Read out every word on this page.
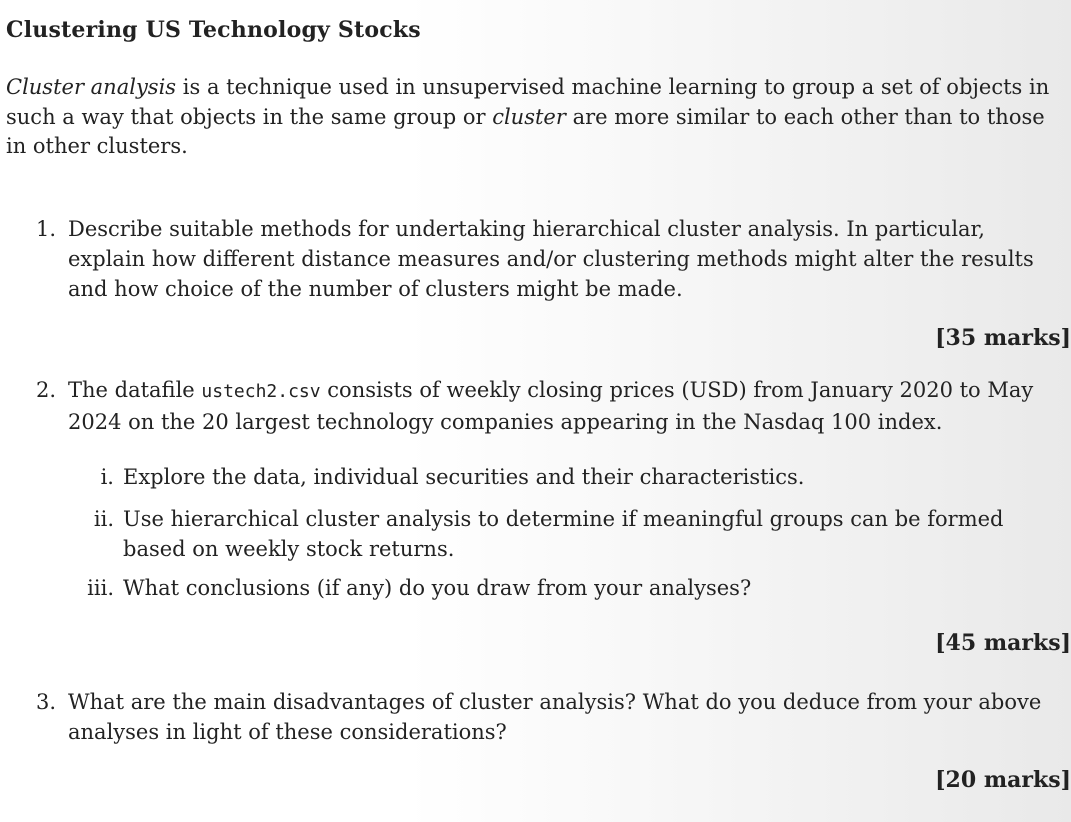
Clustering US Technology Stocks
Cluster analysis is a technique used in unsupervised machine learning to group a set of objects in such a way that objects in the same group or cluster are more similar to each other than to those in other clusters.
1. Describe suitable methods for undertaking hierarchical cluster analysis. In particular, explain how different distance measures and/or clustering methods might alter the results and how choice of the number of clusters might be made.
[35 marks]
2. The datafile ustech2.csv consists of weekly closing prices (USD) from January 2020 to May 2024 on the 20 largest technology companies appearing in the Nasdaq 100 index.
i. Explore the data, individual securities and their characteristics.
ii. Use hierarchical cluster analysis to determine if meaningful groups can be formed based on weekly stock returns.
iii. What conclusions (if any) do you draw from your analyses?
[45 marks]
3. What are the main disadvantages of cluster analysis? What do you deduce from your above analyses in light of these considerations?
[20 marks]
